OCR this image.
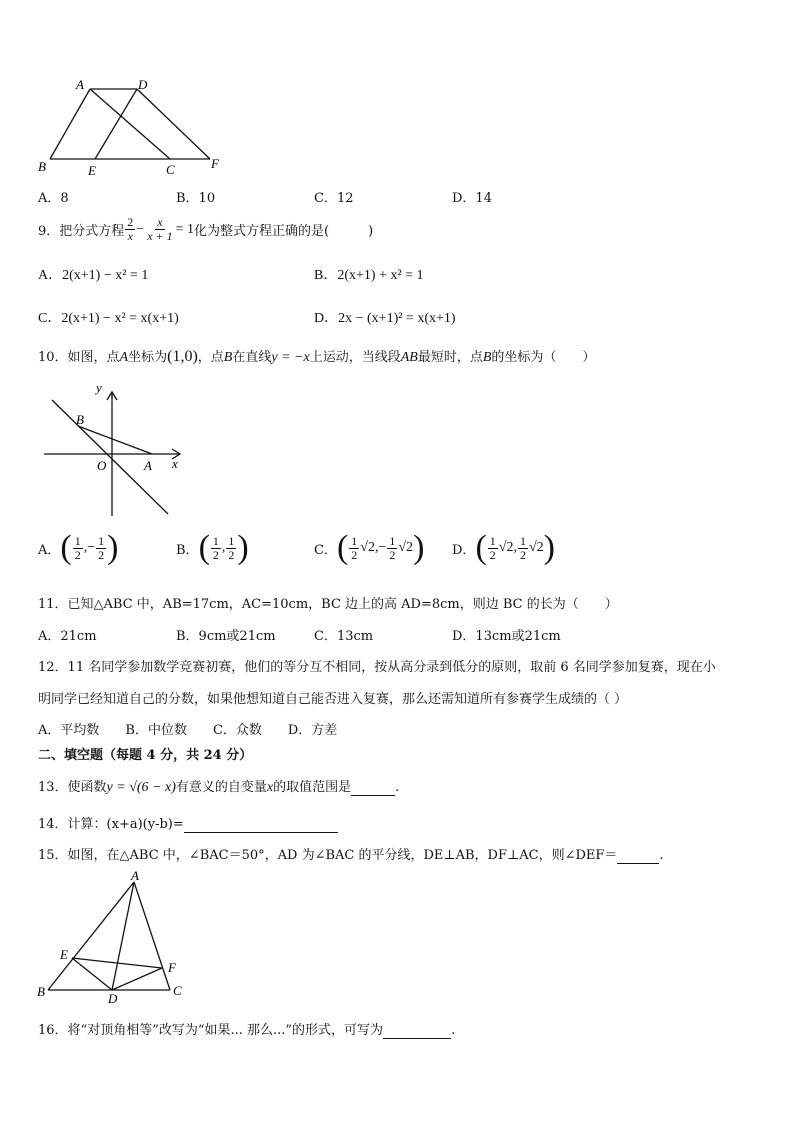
A	D
B	E	C	F
A．8	B．10	C．12	D．14
9．把分式方程 $\frac{2}{x} - \frac{x}{x + 1} = 1$ 化为整式方程正确的是(　　　)
A．2(x+1) − x² = 1	B．2(x+1) + x² = 1
C．2(x+1) − x² = x(x+1)	D．2x − (x+1)² = x(x+1)
10．如图，点A坐标为(1,0)，点B在直线y = −x上运动，当线段AB最短时，点B的坐标为（　　）
y
x
B
O	A
A． ( $\frac{1}{2}$ , − $\frac{1}{2}$ )	B． ( $\frac{1}{2}$ , $\frac{1}{2}$ )	C． ( $\frac{1}{2} √2$ , − $\frac{1}{2} √2$ ) D． ( $\frac{1}{2} √2$ , $\frac{1}{2} √2$ )
11．已知△ABC 中，AB=17cm，AC=10cm，BC 边上的高 AD=8cm，则边 BC 的长为（　　）
A．21cm	B．9cm或21cm	C．13cm	D．13cm或21cm
12．11 名同学参加数学竞赛初赛，他们的等分互不相同，按从高分录到低分的原则，取前 6 名同学参加复赛，现在小
明同学已经知道自己的分数，如果他想知道自己能否进入复赛，那么还需知道所有参赛学生成绩的（ ）
A．平均数　　B．中位数　　C．众数　　D．方差
二、填空题（每题 4 分，共 24 分）
13．使函数y = √(6 − x)有意义的自变量x的取值范围是	.
14．计算：(x+a)(y-b)=
15．如图，在△ABC 中，∠BAC＝50°，AD 为∠BAC 的平分线，DE⊥AB，DF⊥AC，则∠DEF＝	.
A
E
F
B	D
C
16．将“对顶角相等”改写为“如果... 那么...”的形式，可写为	.
